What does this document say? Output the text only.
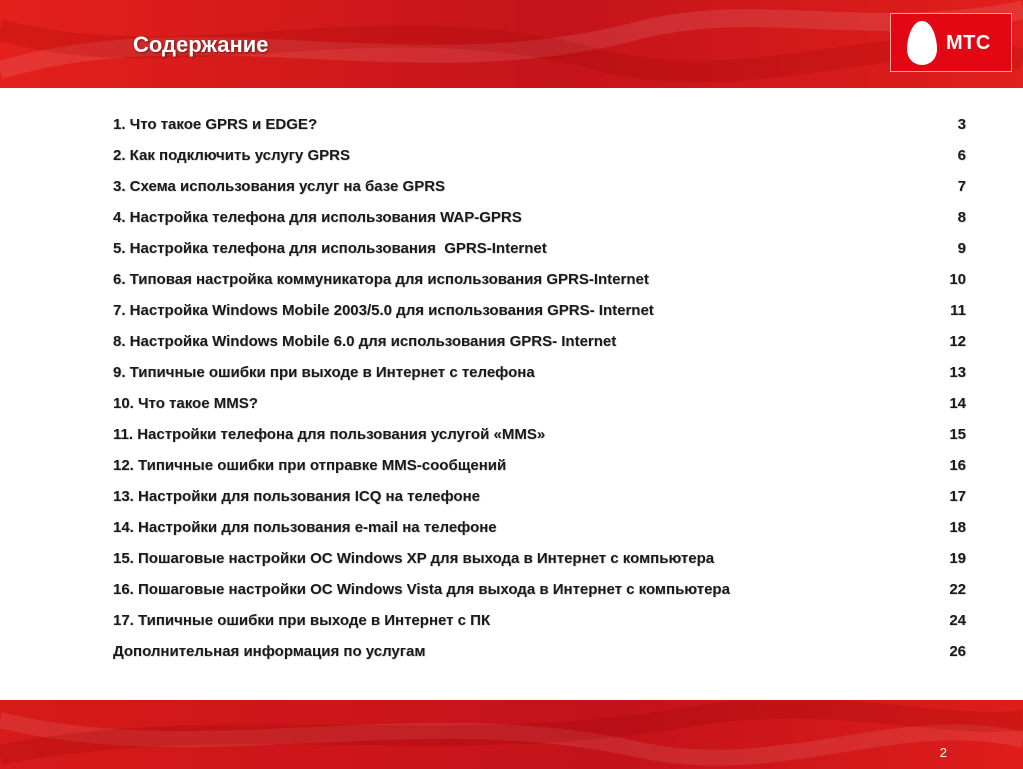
Содержание	МТС
1. Что такое GPRS и EDGE?	3
2. Как подключить услугу GPRS	6
3. Схема использования услуг на базе GPRS	7
4. Настройка телефона для использования WAP-GPRS	8
5. Настройка телефона для использования  GPRS-Internet	9
6. Типовая настройка коммуникатора для использования GPRS-Internet	10
7. Настройка Windows Mobile 2003/5.0 для использования GPRS- Internet	11
8. Настройка Windows Mobile 6.0 для использования GPRS- Internet	12
9. Типичные ошибки при выходе в Интернет с телефона	13
10. Что такое MMS?	14
11. Настройки телефона для пользования услугой «MMS»	15
12. Типичные ошибки при отправке MMS-сообщений	16
13. Настройки для пользования ICQ на телефоне	17
14. Настройки для пользования e-mail на телефоне	18
15. Пошаговые настройки ОС Windows XP для выхода в Интернет с компьютера	19
16. Пошаговые настройки ОС Windows Vista для выхода в Интернет с компьютера	22
17. Типичные ошибки при выходе в Интернет с ПК	24
Дополнительная информация по услугам	26
2
